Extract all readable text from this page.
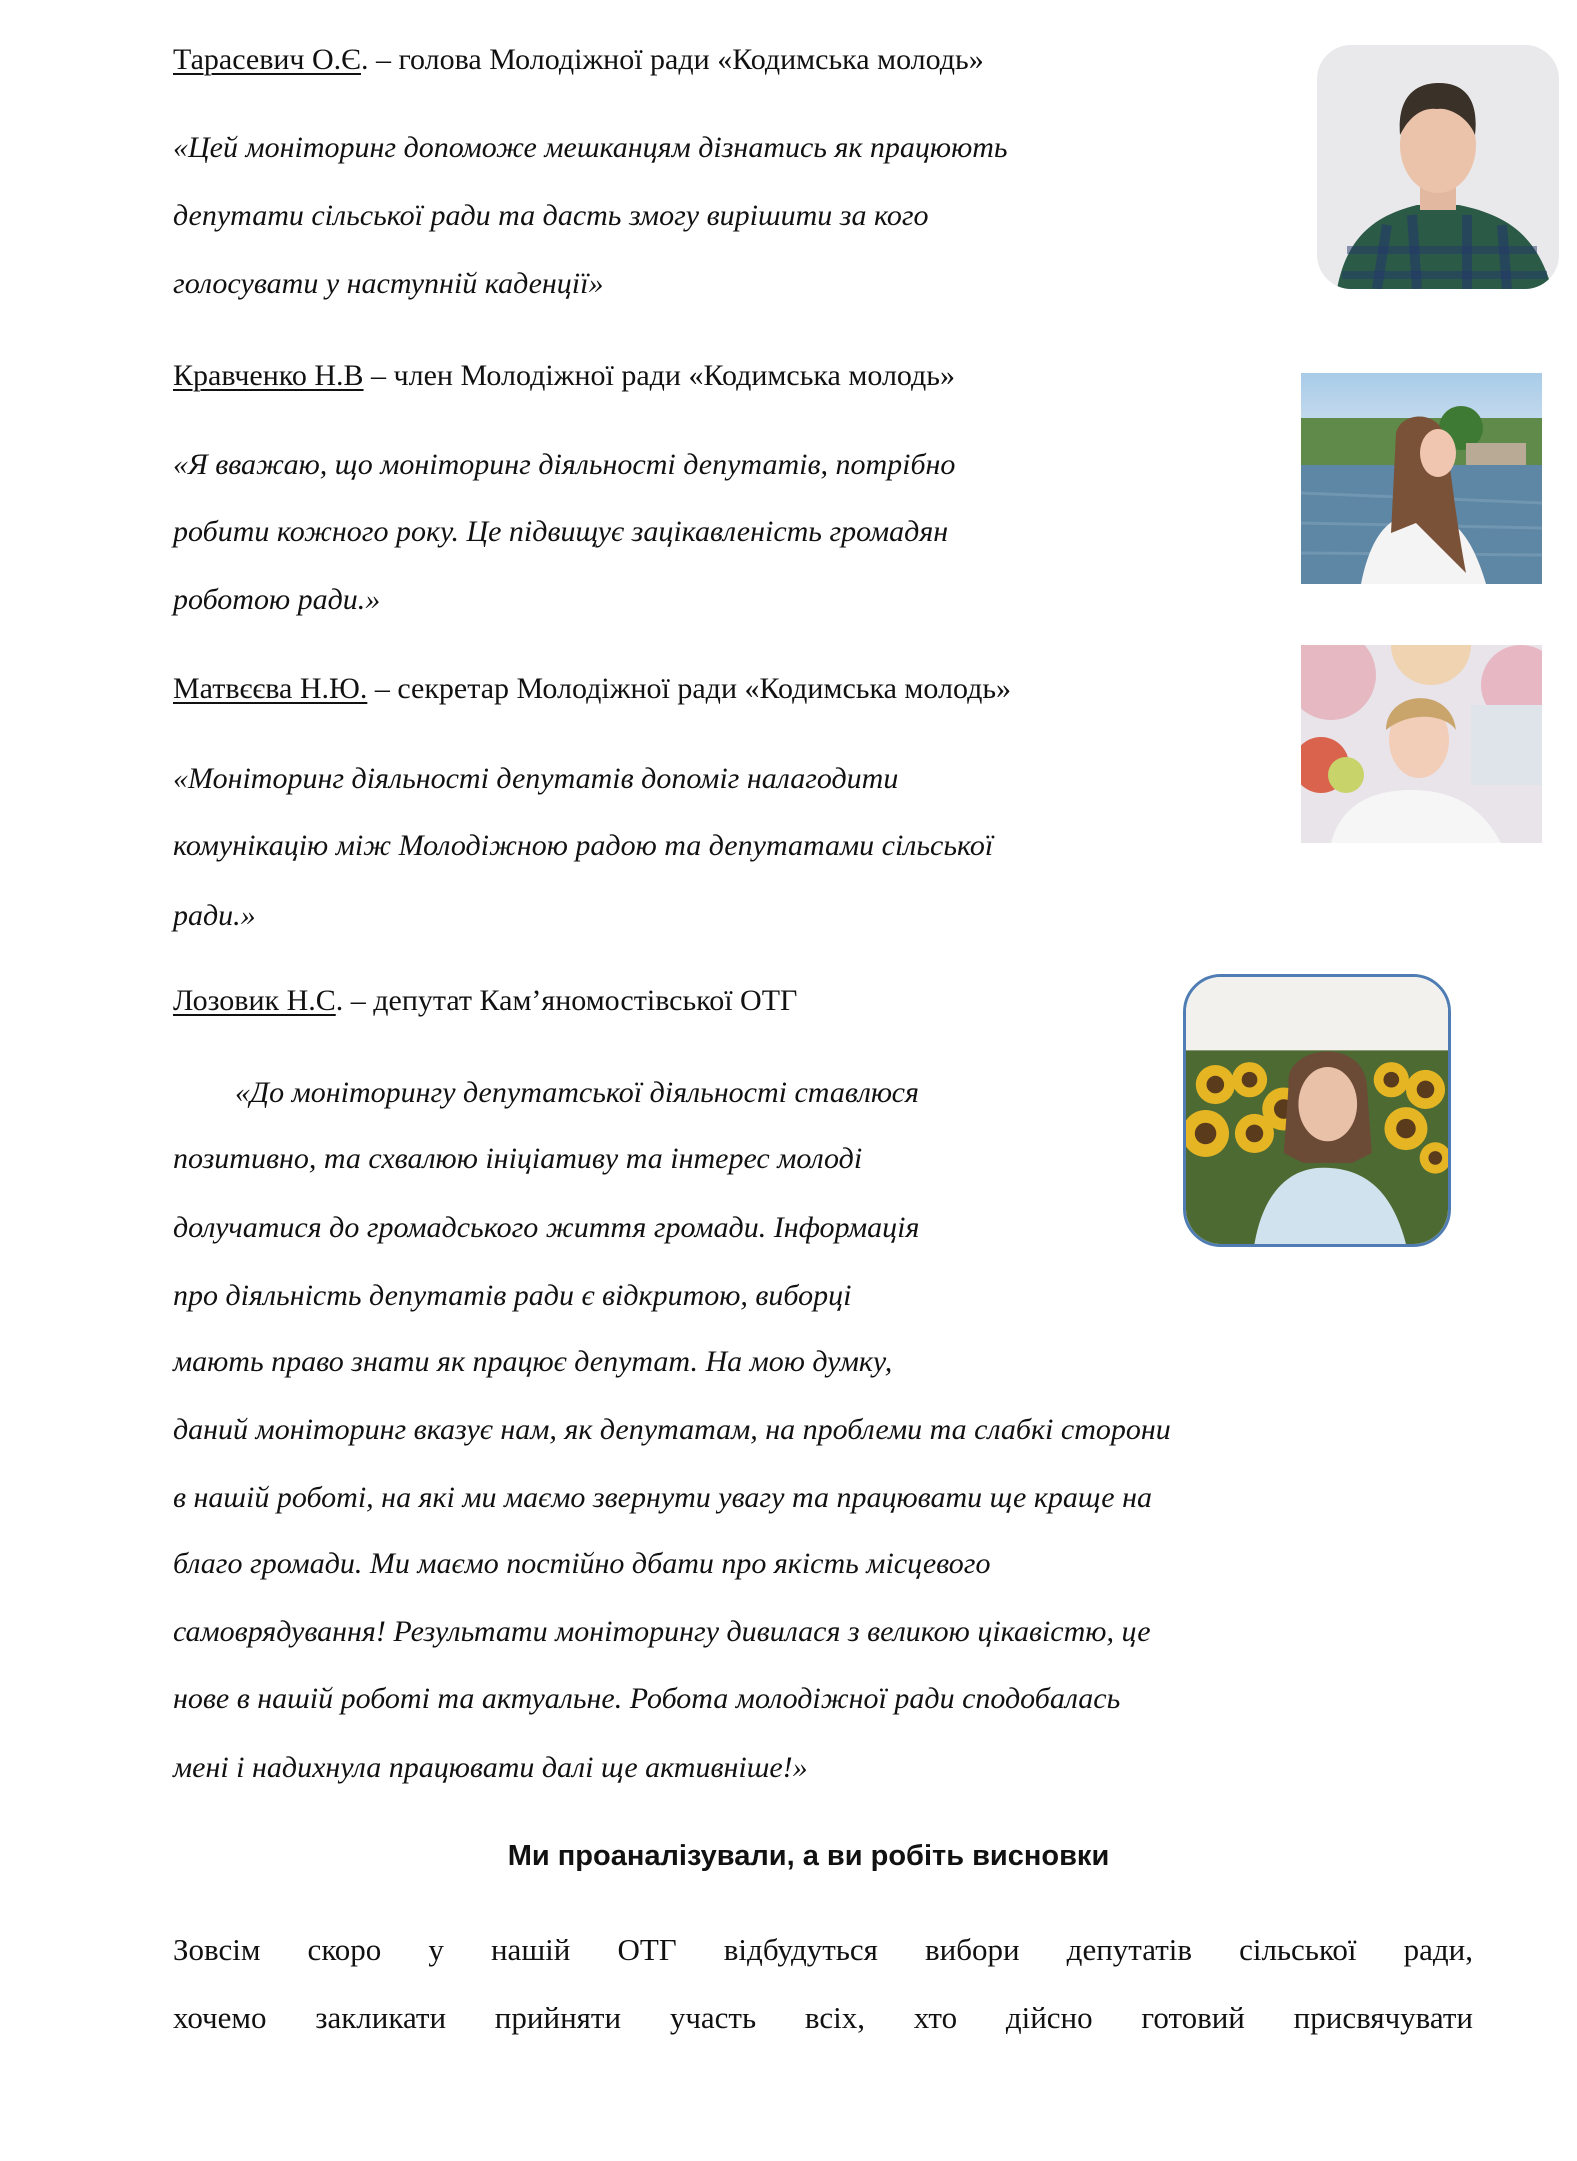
Тарасевич О.Є. – голова Молодіжної ради «Кодимська молодь»
«Цей моніторинг допоможе мешканцям дізнатись як працюють
депутати сільської ради та дасть змогу вирішити за кого
голосувати у наступній каденції»
Кравченко Н.В – член Молодіжної ради «Кодимська молодь»
«Я вважаю, що моніторинг діяльності депутатів, потрібно
робити кожного року. Це підвищує зацікавленість громадян
роботою ради.»
Матвєєва Н.Ю. – секретар Молодіжної ради «Кодимська молодь»
«Моніторинг діяльності депутатів допоміг налагодити
комунікацію між Молодіжною радою та депутатами сільської
ради.»
Лозовик Н.С. – депутат Кам’яномостівської ОТГ
«До моніторингу депутатської діяльності ставлюся
позитивно, та схвалюю ініціативу та інтерес молоді
долучатися до громадського життя громади. Інформація
про діяльність депутатів ради є відкритою, виборці
мають право знати як працює депутат. На мою думку,
даний моніторинг вказує нам, як депутатам, на проблеми та слабкі сторони
в нашій роботі, на які ми маємо звернути увагу та працювати ще краще на
благо громади. Ми маємо постійно дбати про якість місцевого
самоврядування! Результати моніторингу дивилася з великою цікавістю, це
нове в нашій роботі та актуальне. Робота молодіжної ради сподобалась
мені і надихнула працювати далі ще активніше!»
Ми проаналізували, а ви робіть висновки
Зовсім скоро у нашій ОТГ відбудуться вибори депутатів сільської ради,
хочемо закликати прийняти участь всіх, хто дійсно готовий присвячувати
